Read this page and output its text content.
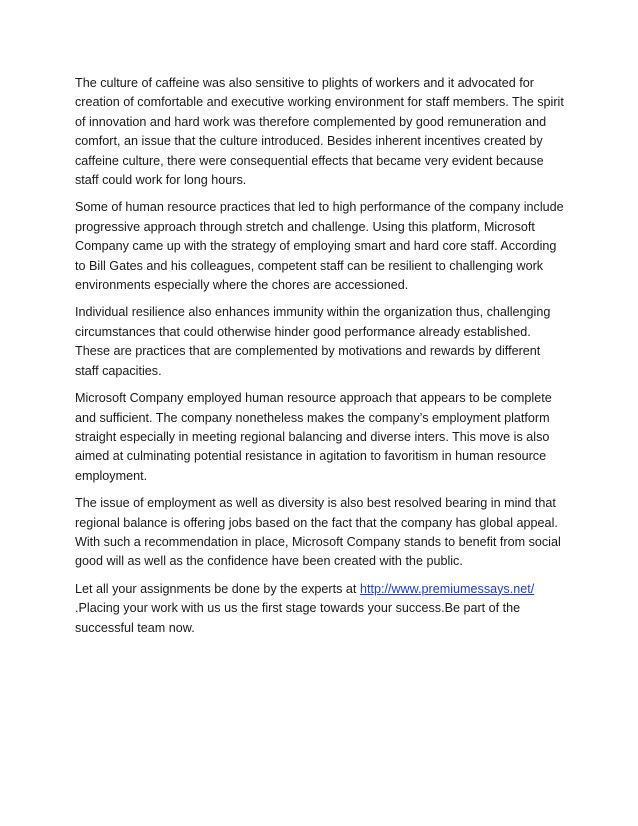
The culture of caffeine was also sensitive to plights of workers and it advocated for creation of comfortable and executive working environment for staff members. The spirit of innovation and hard work was therefore complemented by good remuneration and comfort, an issue that the culture introduced. Besides inherent incentives created by caffeine culture, there were consequential effects that became very evident because staff could work for long hours.

Some of human resource practices that led to high performance of the company include progressive approach through stretch and challenge. Using this platform, Microsoft Company came up with the strategy of employing smart and hard core staff. According to Bill Gates and his colleagues, competent staff can be resilient to challenging work environments especially where the chores are accessioned.

Individual resilience also enhances immunity within the organization thus, challenging circumstances that could otherwise hinder good performance already established. These are practices that are complemented by motivations and rewards by different staff capacities.

Microsoft Company employed human resource approach that appears to be complete and sufficient. The company nonetheless makes the company’s employment platform straight especially in meeting regional balancing and diverse inters. This move is also aimed at culminating potential resistance in agitation to favoritism in human resource employment.

The issue of employment as well as diversity is also best resolved bearing in mind that regional balance is offering jobs based on the fact that the company has global appeal. With such a recommendation in place, Microsoft Company stands to benefit from social good will as well as the confidence have been created with the public.

Let all your assignments be done by the experts at http://www.premiumessays.net/ .Placing your work with us us the first stage towards your success.Be part of the successful team now.
